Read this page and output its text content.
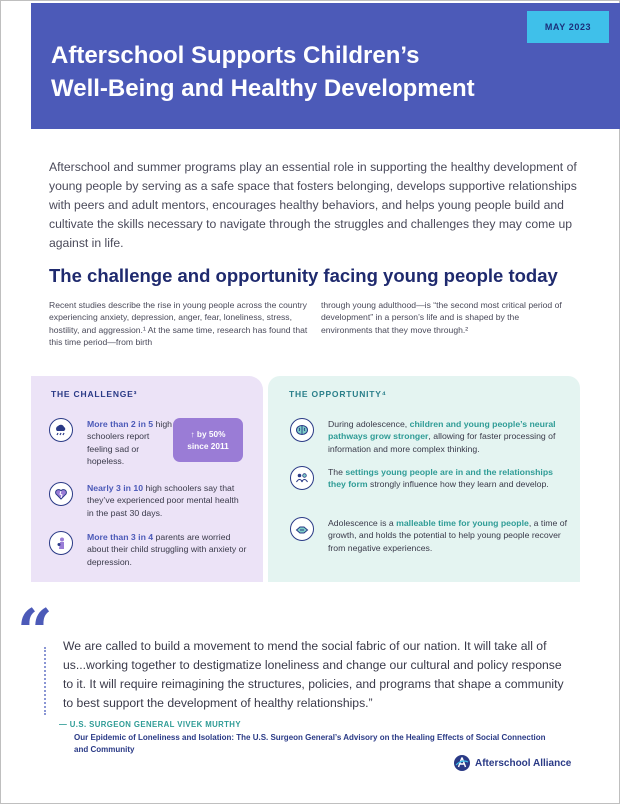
MAY 2023
Afterschool Supports Children’s
Well-Being and Healthy Development

Afterschool and summer programs play an essential role in supporting the healthy development of young people by serving as a safe space that fosters belonging, develops supportive relationships with peers and adult mentors, encourages healthy behaviors, and helps young people build and cultivate the skills necessary to navigate through the struggles and challenges they may come up against in life.

The challenge and opportunity facing young people today

Recent studies describe the rise in young people across the country experiencing anxiety, depression, anger, fear, loneliness, stress, hostility, and aggression.¹ At the same time, research has found that this time period—from birth

through young adulthood—is “the second most critical period of development” in a person’s life and is shaped by the environments that they move through.²

THE CHALLENGE³
More than 2 in 5 high schoolers report feeling sad or hopeless.
↑ by 50%
since 2011
Nearly 3 in 10 high schoolers say that they’ve experienced poor mental health in the past 30 days.
More than 3 in 4 parents are worried about their child struggling with anxiety or depression.
THE OPPORTUNITY⁴
During adolescence, children and young people’s neural pathways grow stronger, allowing for faster processing of information and more complex thinking.
The settings young people are in and the relationships they form strongly influence how they learn and develop.
Adolescence is a malleable time for young people, a time of growth, and holds the potential to help young people recover from negative experiences.
“ We are called to build a movement to mend the social fabric of our nation. It will take all of us...working together to destigmatize loneliness and change our cultural and policy response to it. It will require reimagining the structures, policies, and programs that shape a community to best support the development of healthy relationships.”

— U.S. SURGEON GENERAL VIVEK MURTHY
Our Epidemic of Loneliness and Isolation: The U.S. Surgeon General’s Advisory on the Healing Effects of Social Connection and Community
Afterschool Alliance
